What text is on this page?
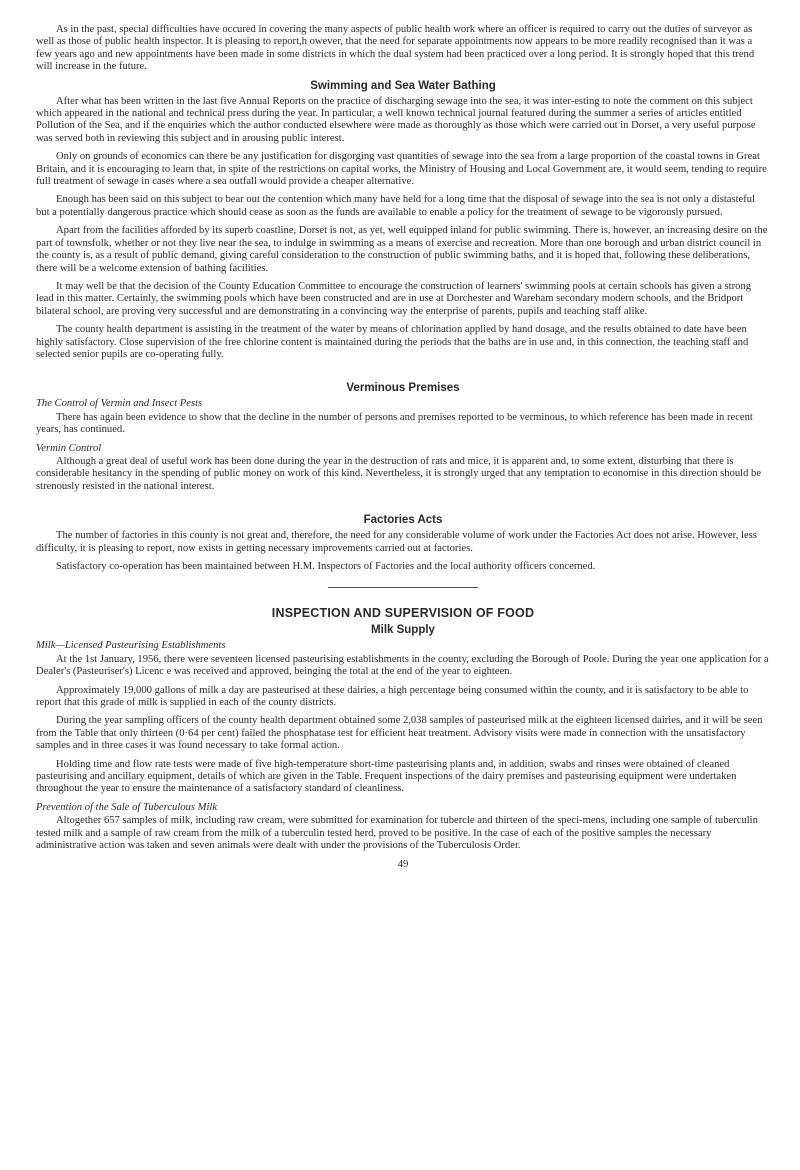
As in the past, special difficulties have occured in covering the many aspects of public health work where an officer is required to carry out the duties of surveyor as well as those of public health inspector. It is pleasing to report,h owever, that the need for separate appointments now appears to be more readily recognised than it was a few years ago and new appointments have been made in some districts in which the dual system had been practiced over a long period. It is strongly hoped that this trend will increase in the future.

Swimming and Sea Water Bathing

After what has been written in the last five Annual Reports on the practice of discharging sewage into the sea, it was inter-esting to note the comment on this subject which appeared in the national and technical press during the year. In particular, a well known technical journal featured during the summer a series of articles entitled Pollution of the Sea, and if the enquiries which the author conducted elsewhere were made as thoroughly as those which were carried out in Dorset, a very useful purpose was served both in reviewing this subject and in arousing public interest.

Only on grounds of economics can there be any justification for disgorging vast quantities of sewage into the sea from a large proportion of the coastal towns in Great Britain, and it is encouraging to learn that, in spite of the restrictions on capital works, the Ministry of Housing and Local Government are, it would seem, tending to require full treatment of sewage in cases where a sea outfall would provide a cheaper alternative.

Enough has been said on this subject to bear out the contention which many have held for a long time that the disposal of sewage into the sea is not only a distasteful but a potentially dangerous practice which should cease as soon as the funds are available to enable a policy for the treatment of sewage to be vigorously pursued.

Apart from the facilities afforded by its superb coastline, Dorset is not, as yet, well equipped inland for public swimming. There is, however, an increasing desire on the part of townsfolk, whether or not they live near the sea, to indulge in swimming as a means of exercise and recreation. More than one borough and urban district council in the county is, as a result of public demand, giving careful consideration to the construction of public swimming baths, and it is hoped that, following these deliberations, there will be a welcome extension of bathing facilities.

It may well be that the decision of the County Education Committee to encourage the construction of learners' swimming pools at certain schools has given a strong lead in this matter. Certainly, the swimming pools which have been constructed and are in use at Dorchester and Wareham secondary modern schools, and the Bridport bilateral school, are proving very successful and are demonstrating in a convincing way the enterprise of parents, pupils and teaching staff alike.

The county health department is assisting in the treatment of the water by means of chlorination applied by hand dosage, and the results obtained to date have been highly satisfactory. Close supervision of the free chlorine content is maintained during the periods that the baths are in use and, in this connection, the teaching staff and selected senior pupils are co-operating fully.

Verminous Premises
The Control of Vermin and Insect Pests

There has again been evidence to show that the decline in the number of persons and premises reported to be verminous, to which reference has been made in recent years, has continued.

Vermin Control

Although a great deal of useful work has been done during the year in the destruction of rats and mice, it is apparent and, to some extent, disturbing that there is considerable hesitancy in the spending of public money on work of this kind. Nevertheless, it is strongly urged that any temptation to economise in this direction should be strenously resisted in the national interest.

Factories Acts

The number of factories in this county is not great and, therefore, the need for any considerable volume of work under the Factories Act does not arise. However, less difficulty, it is pleasing to report, now exists in getting necessary improvements carried out at factories.

Satisfactory co-operation has been maintained between H.M. Inspectors of Factories and the local authority officers concerned.

INSPECTION AND SUPERVISION OF FOOD
Milk Supply
Milk—Licensed Pasteurising Establishments

At the 1st January, 1956, there were seventeen licensed pasteurising establishments in the county, excluding the Borough of Poole. During the year one application for a Dealer's (Pasteuriser's) Licenc e was received and approved, beinging the total at the end of the year to eighteen.

Approximately 19,000 gallons of milk a day are pasteurised at these dairies, a high percentage being consumed within the county, and it is satisfactory to be able to report that this grade of milk is supplied in each of the county districts.

During the year sampling officers of the county health department obtained some 2,038 samples of pasteurised milk at the eighteen licensed dairies, and it will be seen from the Table that only thirteen (0·64 per cent) failed the phosphatase test for efficient heat treatment. Advisory visits were made in connection with the unsatisfactory samples and in three cases it was found necessary to take formal action.

Holding time and flow rate tests were made of five high-temperature short-time pasteurising plants and, in addition, swabs and rinses were obtained of cleaned pasteurising and ancillary equipment, details of which are given in the Table. Frequent inspections of the dairy premises and pasteurising equipment were undertaken throughout the year to ensure the maintenance of a satisfactory standard of cleanliness.

Prevention of the Sale of Tuberculous Milk

Altogether 657 samples of milk, including raw cream, were submitted for examination for tubercle and thirteen of the speci-mens, including one sample of tuberculin tested milk and a sample of raw cream from the milk of a tuberculin tested herd, proved to be positive. In the case of each of the positive samples the necessary administrative action was taken and seven animals were dealt with under the provisions of the Tuberculosis Order.

49
